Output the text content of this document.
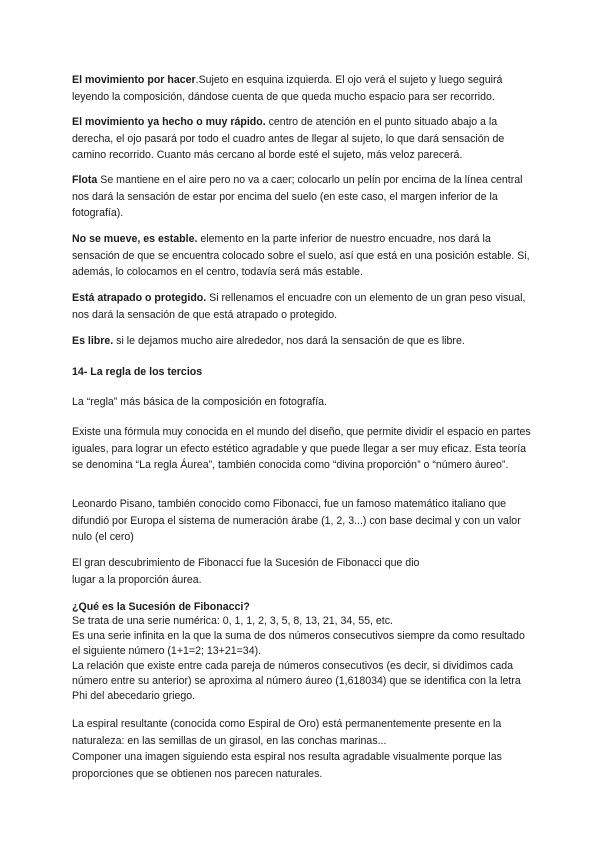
El movimiento por hacer.Sujeto en esquina izquierda. El ojo verá el sujeto y luego seguirá leyendo la composición, dándose cuenta de que queda mucho espacio para ser recorrido.

El movimiento ya hecho o muy rápido. centro de atención en el punto situado abajo a la derecha, el ojo pasará por todo el cuadro antes de llegar al sujeto, lo que dará sensación de camino recorrido. Cuanto más cercano al borde esté el sujeto, más veloz parecerá.

Flota Se mantiene en el aire pero no va a caer; colocarlo un pelín por encima de la línea central nos dará la sensación de estar por encima del suelo (en este caso, el margen inferior de la fotografía).

No se mueve, es estable. elemento en la parte inferior de nuestro encuadre, nos dará la sensación de que se encuentra colocado sobre el suelo, así que está en una posición estable. Si, además, lo colocamos en el centro, todavía será más estable.

Está atrapado o protegido. Si rellenamos el encuadre con un elemento de un gran peso visual, nos dará la sensación de que está atrapado o protegido.

Es libre. si le dejamos mucho aire alrededor, nos dará la sensación de que es libre.

14- La regla de los tercios

La “regla” más básica de la composición en fotografía.

Existe una fórmula muy conocida en el mundo del diseño, que permite dividir el espacio en partes iguales, para lograr un efecto estético agradable y que puede llegar a ser muy eficaz. Esta teoría se denomina “La regla Áurea”, también conocida como “divina proporción” o “número áureo”.

Leonardo Pisano, también conocido como Fibonacci, fue un famoso matemático italiano que difundió por Europa el sistema de numeración árabe (1, 2, 3...) con base decimal y con un valor nulo (el cero)

El gran descubrimiento de Fibonacci fue la Sucesión de Fibonacci que dio
lugar a la proporción áurea.

¿Qué es la Sucesión de Fibonacci?

Se trata de una serie numérica: 0, 1, 1, 2, 3, 5, 8, 13, 21, 34, 55, etc.
Es una serie infinita en la que la suma de dos números consecutivos siempre da como resultado el siguiente número (1+1=2; 13+21=34).
La relación que existe entre cada pareja de números consecutivos (es decir, si dividimos cada número entre su anterior) se aproxima al número áureo (1,618034) que se identifica con la letra Phi del abecedario griego.
La espiral resultante (conocida como Espiral de Oro) está permanentemente presente en la naturaleza: en las semillas de un girasol, en las conchas marinas...
Componer una imagen siguiendo esta espiral nos resulta agradable visualmente porque las proporciones que se obtienen nos parecen naturales.
